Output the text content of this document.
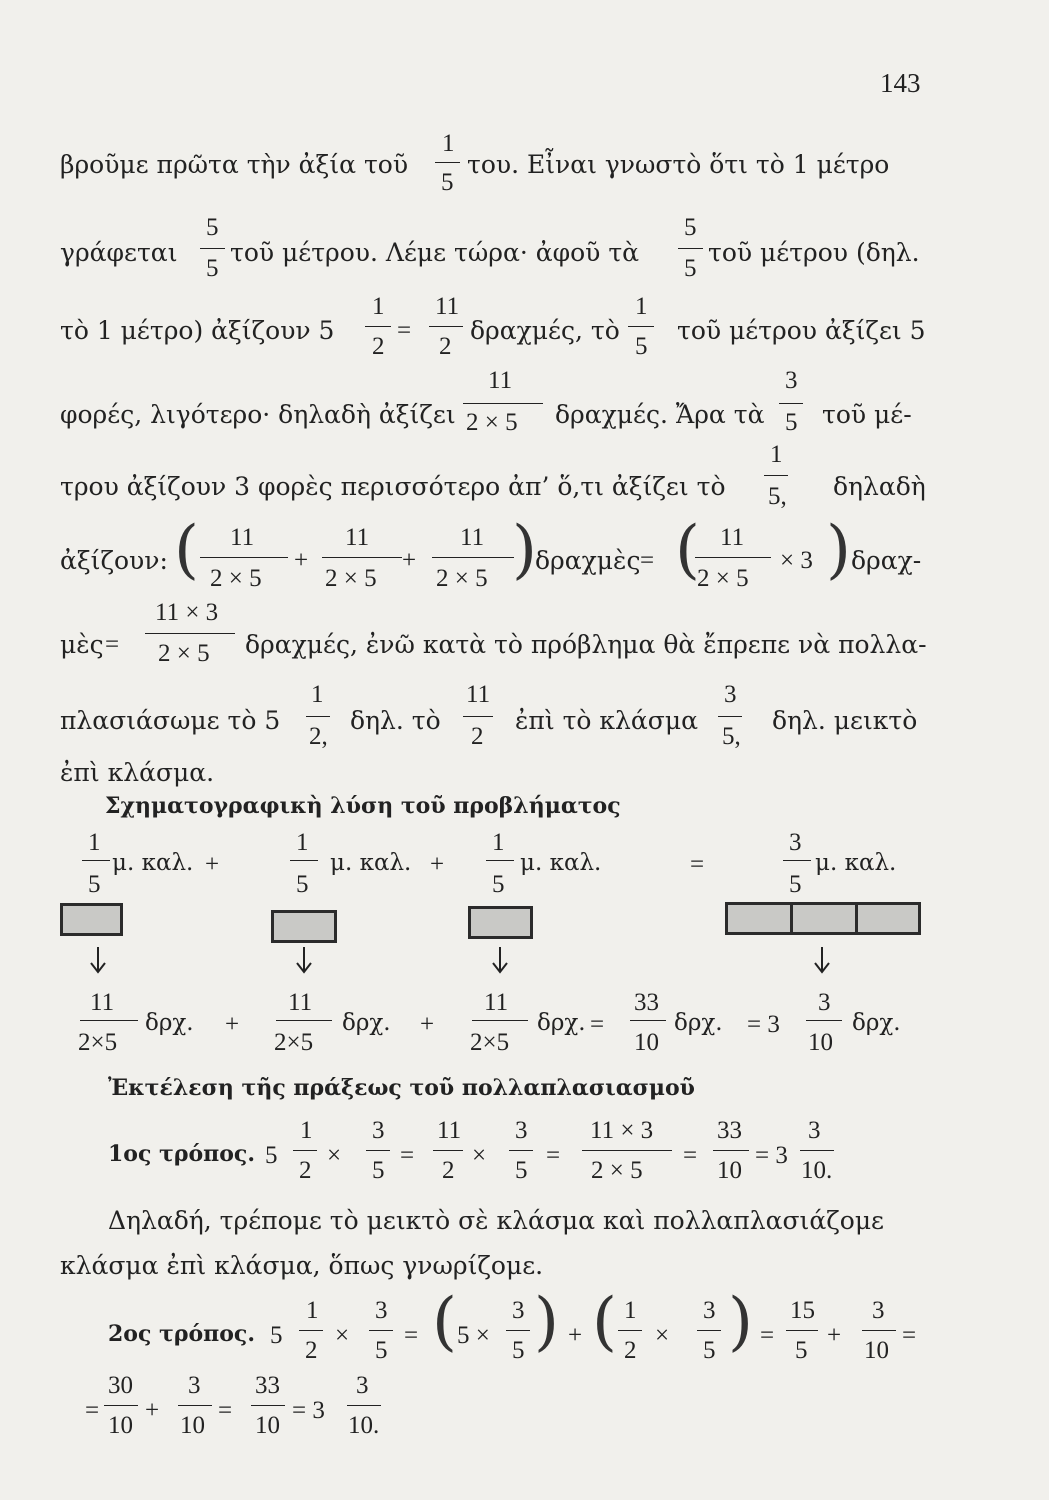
143
βροῦμε πρῶτα τὴν ἀξία τοῦ
1
5
του. Εἶναι γνωστὸ ὅτι τὸ 1 μέτρο
γράφεται
5
5
τοῦ μέτρου. Λέμε τώρα· ἀφοῦ τὰ
5
5
τοῦ μέτρου (δηλ.
τὸ 1 μέτρο) ἀξίζουν 5
1
2
=
11
2
δραχμές, τὸ
1
5
τοῦ μέτρου ἀξίζει 5
φορές, λιγότερο· δηλαδὴ ἀξίζει
11
2 × 5 δραχμές. Ἄρα τὰ
3
5 τοῦ μέ-
τρου ἀξίζουν 3 φορὲς περισσότερο ἀπ’ ὅ,τι ἀξίζει τὸ
1
5, δηλαδὴ
ἀξίζουν: ( 11
2 × 5
+
11
2 × 5
+
11
2 × 5 )
δραχμὲς = ( 11
2 × 5
× 3 ) δραχ-
μὲς =
11 × 3
2 × 5 δραχμές, ἐνῶ κατὰ τὸ πρόβλημα θὰ ἔπρεπε νὰ πολλα-
πλασιάσωμε τὸ 5
1
2,
δηλ. τὸ
11
2
ἐπὶ τὸ κλάσμα
3
5,
δηλ. μεικτὸ
ἐπὶ κλάσμα.
Σχηματογραφικὴ λύση τοῦ προβλήματος
1
5
μ. καλ. +
1
5
μ. καλ. +
1
5
μ. καλ.	=
3
5
μ. καλ.
11
2×5
δρχ. +
11
2×5
δρχ. +
11
2×5
δρχ. =
33
10
δρχ. = 3
3
10
δρχ.
Ἐκτέλεση τῆς πράξεως τοῦ πολλαπλασιασμοῦ
1ος τρόπος. 5
1
2
×
3
5
=
11
2
×
3
5
=
11 × 3
2 × 5
=
33
10
= 3
3
10.
Δηλαδή, τρέπομε τὸ μεικτὸ σὲ κλάσμα καὶ πολλαπλασιάζομε
κλάσμα ἐπὶ κλάσμα, ὅπως γνωρίζομε.
2ος τρόπος. 5
1
2
×
3
5
= ( 5 ×
3
5 ) + ( 1
2
×
3
5 ) =
15
5
+
3
10
=
=
30
10
+
3
10
=
33
10
= 3
3
10.
